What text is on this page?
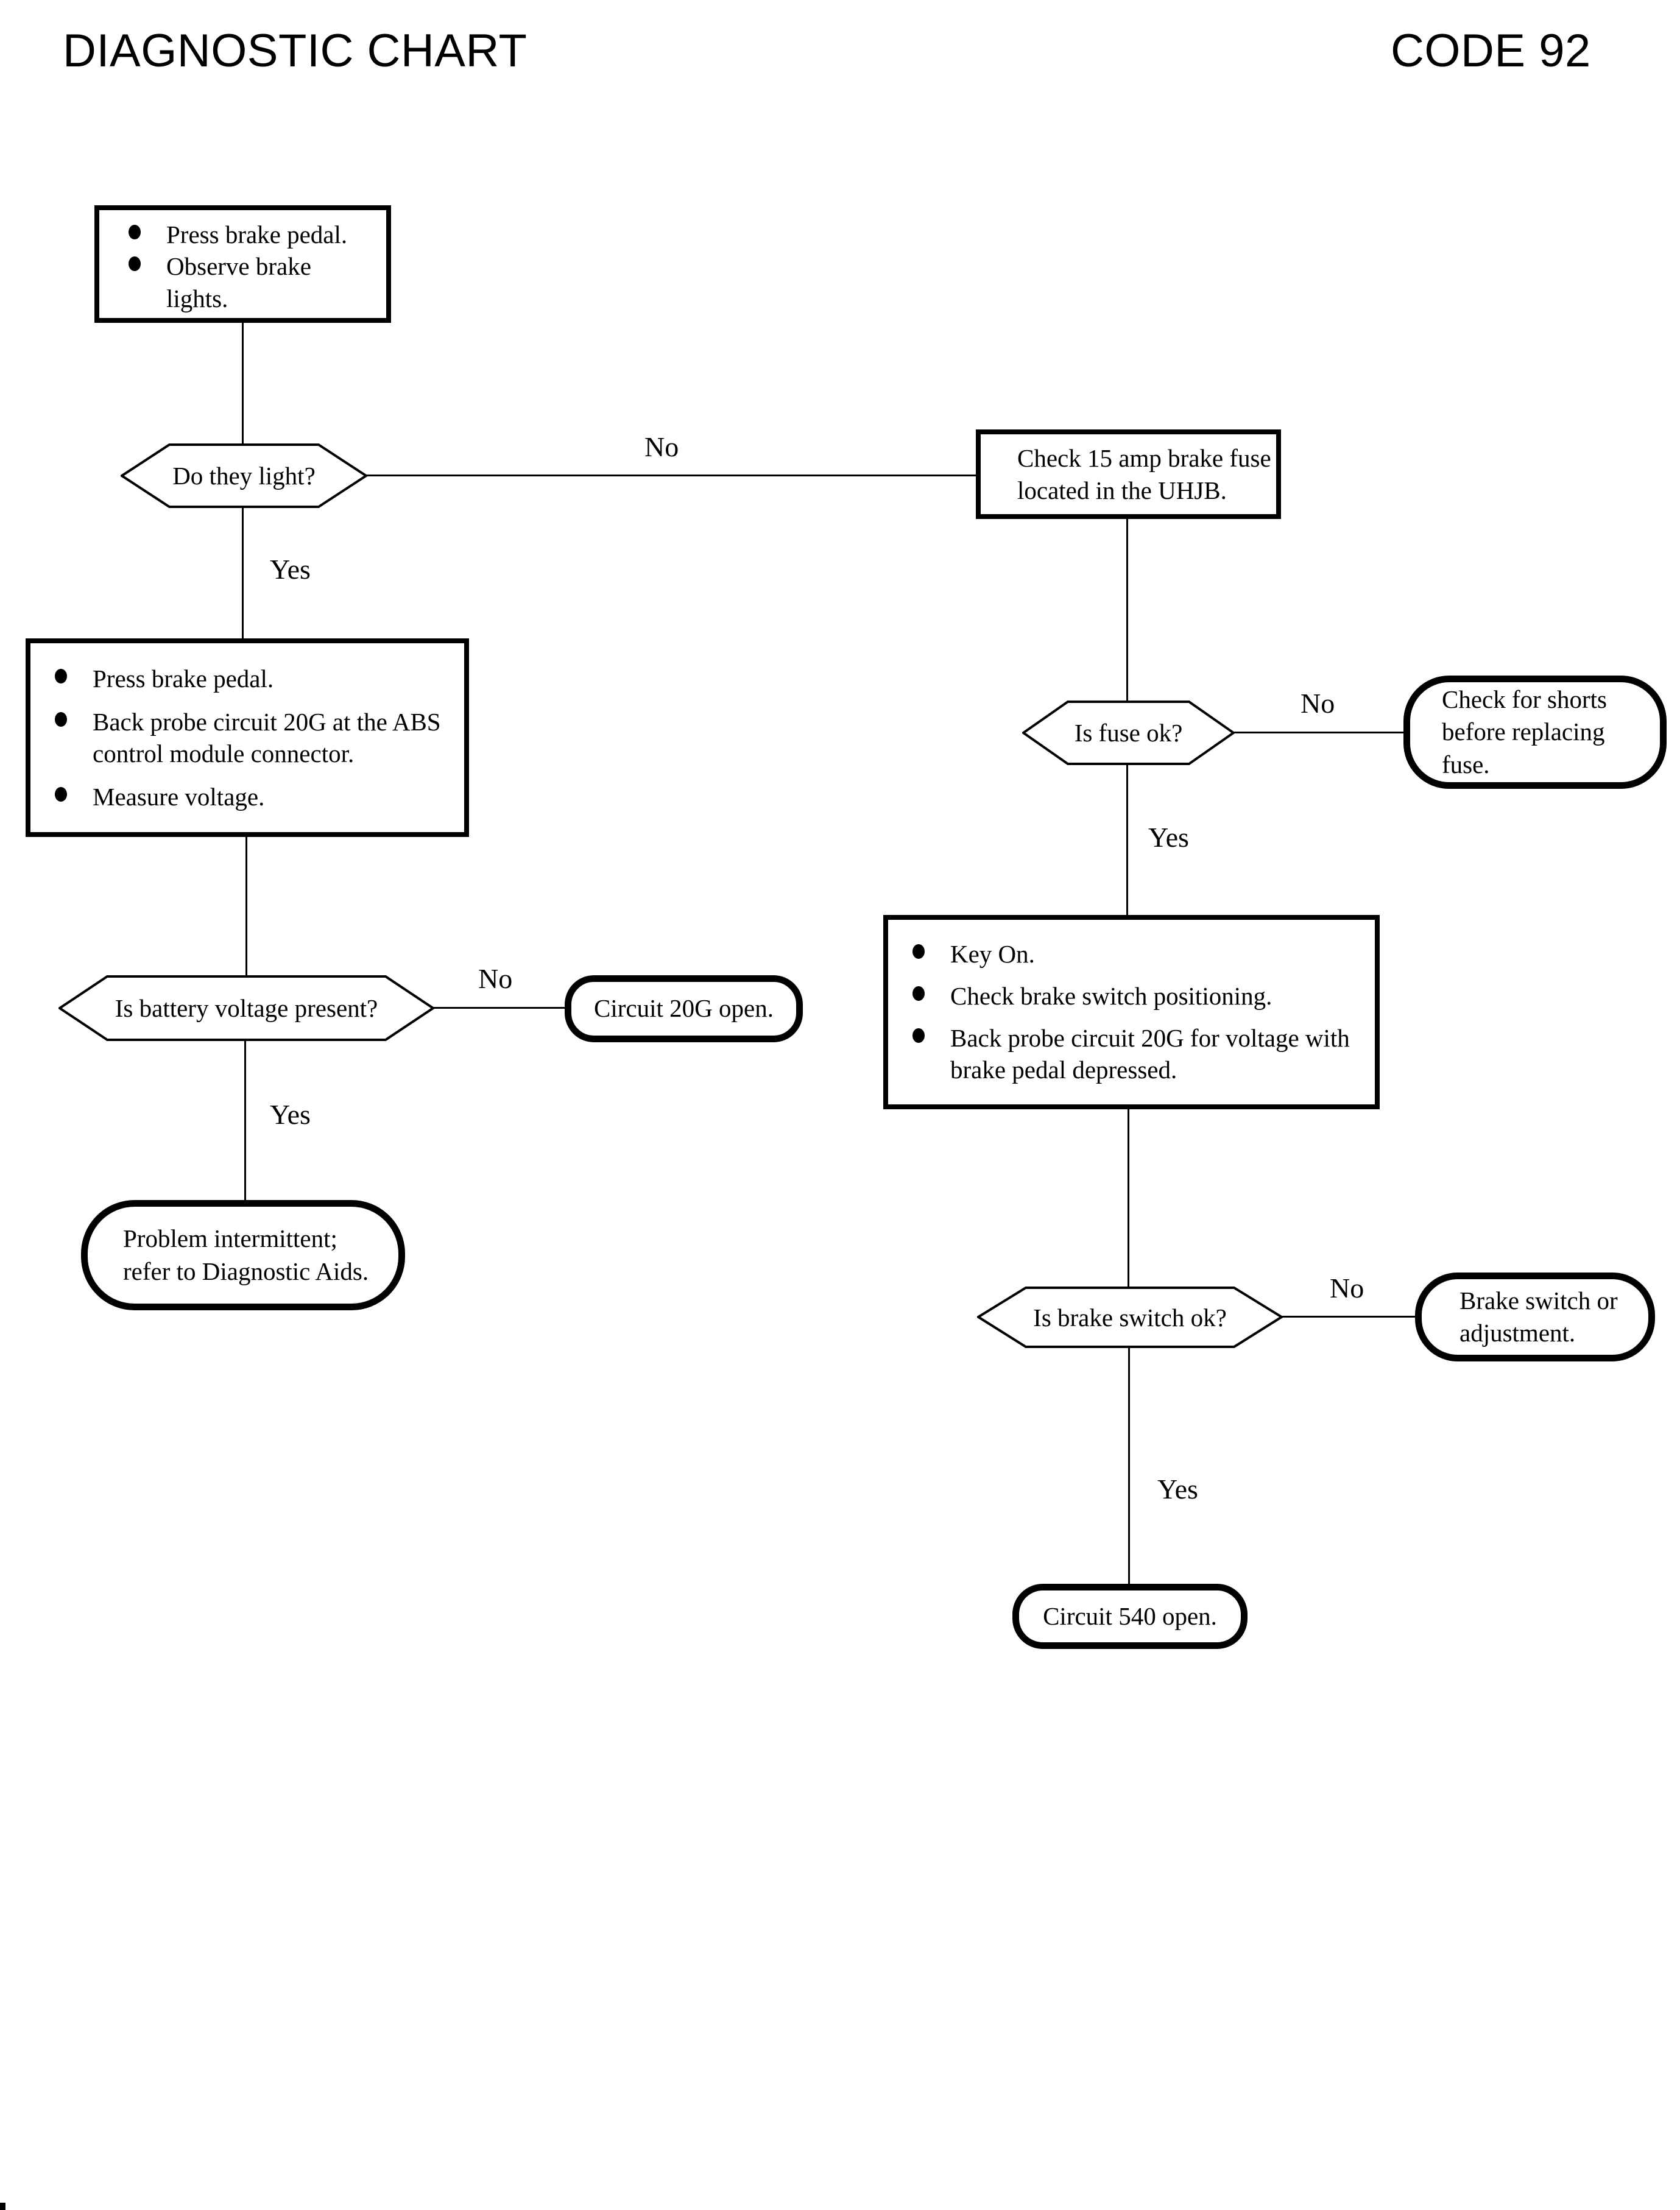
DIAGNOSTIC CHART	CODE 92
Press brake pedal.
Observe brake lights.
Do they light?
No	Check 15 amp brake fuse
located in the UHJB.
Yes
Press brake pedal.
Back probe circuit 20G at the ABS
control module connector.
Measure voltage.
Is fuse ok?
No	Check for shorts
before replacing
fuse.
Yes
Key On.
Check brake switch positioning.
Back probe circuit 20G for voltage with
brake pedal depressed.
Is battery voltage present?
No
Circuit 20G open.
Yes
Problem intermittent;
refer to Diagnostic Aids.
Is brake switch ok?
No	Brake switch or
adjustment.
Yes
Circuit 540 open.
